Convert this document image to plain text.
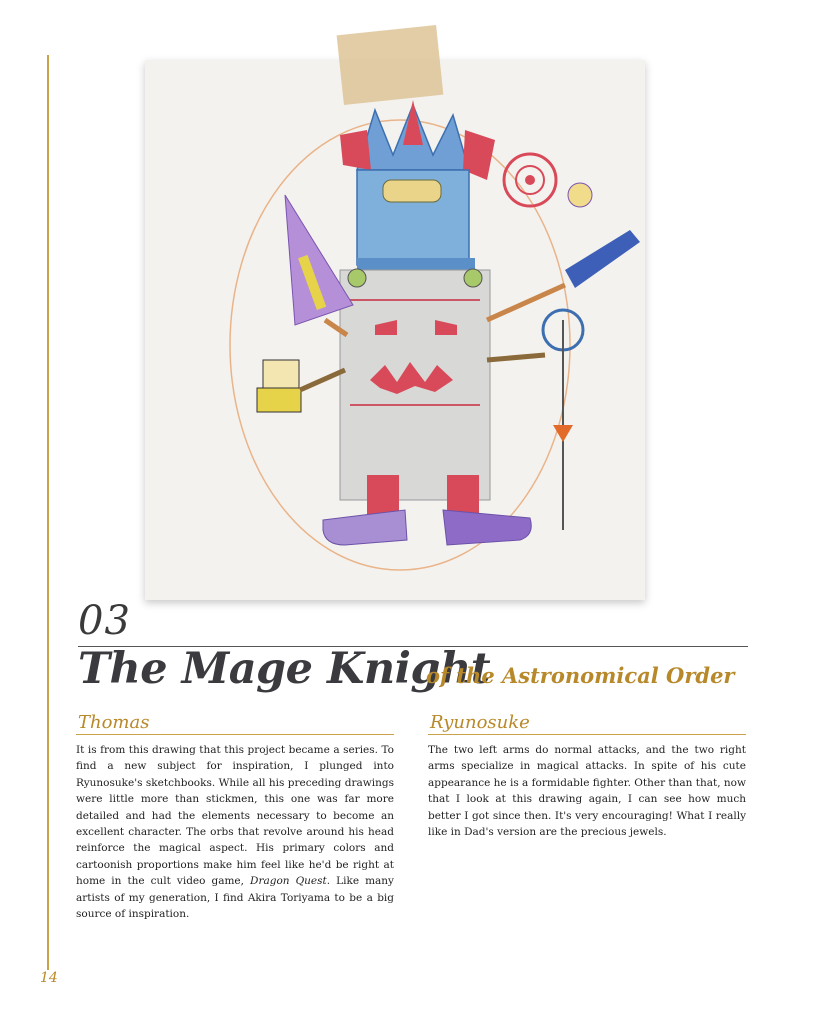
03
The Mage Knight
of the Astronomical Order
Thomas

It is from this drawing that this project became a series. To find a new subject for inspiration, I plunged into Ryunosuke's sketchbooks. While all his preceding drawings were little more than stickmen, this one was far more detailed and had the elements necessary to become an excellent character. The orbs that revolve around his head reinforce the magical aspect. His primary colors and cartoonish proportions make him feel like he'd be right at home in the cult video game, Dragon Quest. Like many artists of my generation, I find Akira Toriyama to be a big source of inspiration.

Ryunosuke

The two left arms do normal attacks, and the two right arms specialize in magical attacks. In spite of his cute appearance he is a formidable fighter. Other than that, now that I look at this drawing again, I can see how much better I got since then. It's very encouraging! What I really like in Dad's version are the precious jewels.

14
